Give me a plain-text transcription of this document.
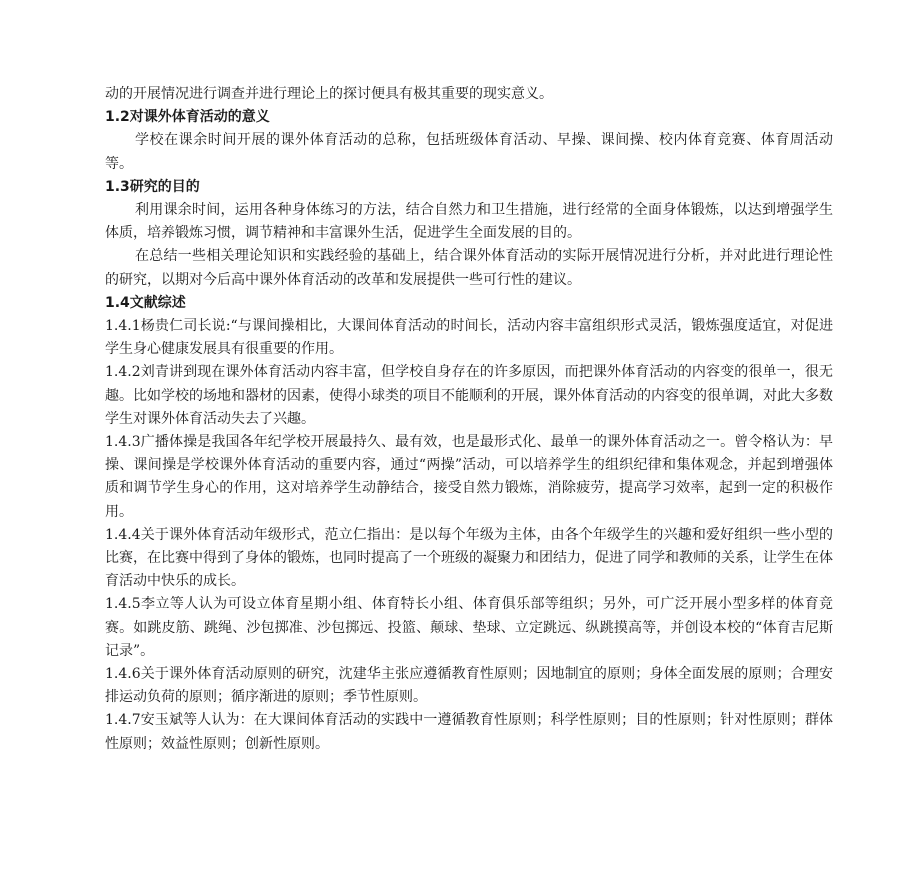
动的开展情况进行调查并进行理论上的探讨便具有极其重要的现实意义。

1.2对课外体育活动的意义

学校在课余时间开展的课外体育活动的总称，包括班级体育活动、早操、课间操、校内体育竞赛、体育周活动等。

1.3研究的目的

利用课余时间，运用各种身体练习的方法，结合自然力和卫生措施，进行经常的全面身体锻炼，以达到增强学生体质，培养锻炼习惯，调节精神和丰富课外生活，促进学生全面发展的目的。

在总结一些相关理论知识和实践经验的基础上，结合课外体育活动的实际开展情况进行分析，并对此进行理论性的研究，以期对今后高中课外体育活动的改革和发展提供一些可行性的建议。

1.4文献综述

1.4.1杨贵仁司长说:“与课间操相比，大课间体育活动的时间长，活动内容丰富组织形式灵活，锻炼强度适宜，对促进学生身心健康发展具有很重要的作用。

1.4.2刘青讲到现在课外体育活动内容丰富，但学校自身存在的许多原因，而把课外体育活动的内容变的很单一，很无趣。比如学校的场地和器材的因素，使得小球类的项目不能顺利的开展，课外体育活动的内容变的很单调，对此大多数学生对课外体育活动失去了兴趣。

1.4.3广播体操是我国各年纪学校开展最持久、最有效，也是最形式化、最单一的课外体育活动之一。曾令格认为：早操、课间操是学校课外体育活动的重要内容，通过“两操”活动，可以培养学生的组织纪律和集体观念，并起到增强体质和调节学生身心的作用，这对培养学生动静结合，接受自然力锻炼，消除疲劳，提高学习效率，起到一定的积极作用。

1.4.4关于课外体育活动年级形式，范立仁指出：是以每个年级为主体，由各个年级学生的兴趣和爱好组织一些小型的比赛，在比赛中得到了身体的锻炼，也同时提高了一个班级的凝聚力和团结力，促进了同学和教师的关系，让学生在体育活动中快乐的成长。

1.4.5李立等人认为可设立体育星期小组、体育特长小组、体育俱乐部等组织；另外，可广泛开展小型多样的体育竞赛。如跳皮筋、跳绳、沙包掷准、沙包掷远、投篮、颠球、垫球、立定跳远、纵跳摸高等，并创设本校的“体育吉尼斯记录”。

1.4.6关于课外体育活动原则的研究，沈建华主张应遵循教育性原则；因地制宜的原则；身体全面发展的原则；合理安排运动负荷的原则；循序渐进的原则；季节性原则。

1.4.7安玉斌等人认为：在大课间体育活动的实践中一遵循教育性原则；科学性原则；目的性原则；针对性原则；群体性原则；效益性原则；创新性原则。
